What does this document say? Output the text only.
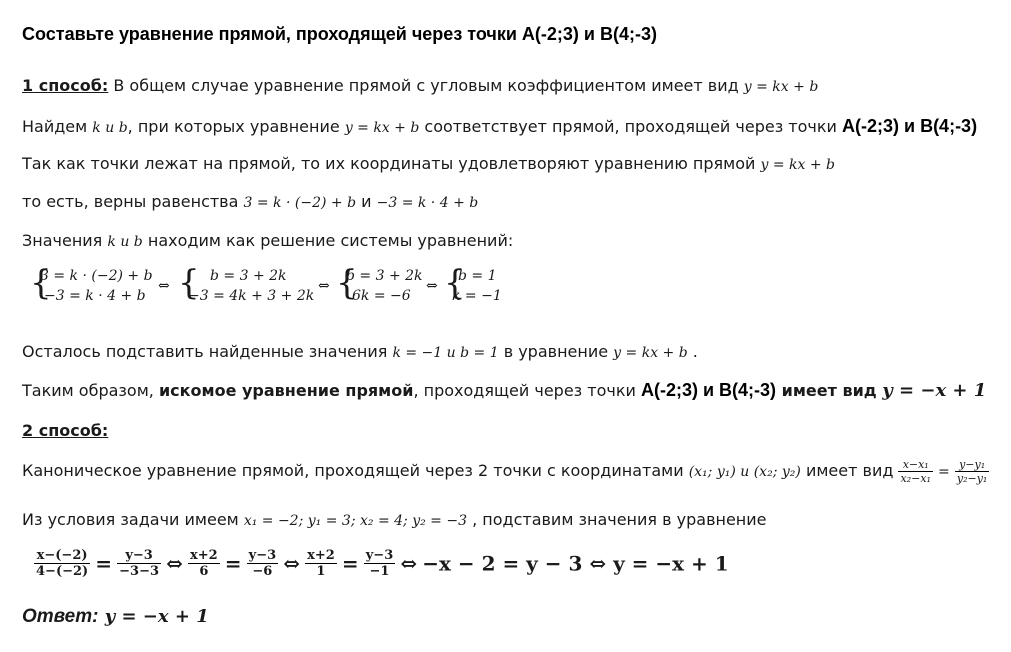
Составьте уравнение прямой, проходящей через точки А(-2;3) и В(4;-3)
1 способ: В общем случае уравнение прямой с угловым коэффициентом имеет вид y = kx + b
Найдем k и b, при которых уравнение y = kx + b соответствует прямой, проходящей через точки А(-2;3) и В(4;-3)
Так как точки лежат на прямой, то их координаты удовлетворяют уравнению прямой y = kx + b
то есть, верны равенства 3 = k · (−2) + b и −3 = k · 4 + b
Значения k и b находим как решение системы уравнений:
{
3 = k · (−2) + b
−3 = k · 4 + b
⇔ { b = 3 + 2k
−3 = 4k + 3 + 2k
⇔ {
b = 3 + 2k
6k = −6
⇔ {
b = 1
k = −1
Осталось подставить найденные значения k = −1 и b = 1 в уравнение y = kx + b .
Таким образом, искомое уравнение прямой, проходящей через точки А(-2;3) и В(4;-3) имеет вид y = −x + 1
2 способ:
Каноническое уравнение прямой, проходящей через 2 точки с координатами (x₁; y₁) и (x₂; y₂) имеет вид $\frac{\text{x−x₁}}{\text{x₂−x₁}} = \frac{\text{y−y₁}}{\text{y₂−y₁}}$
Из условия задачи имеем x₁ = −2; y₁ = 3; x₂ = 4; y₂ = −3 , подставим значения в уравнение
$\frac{x-(-2)}{4-(-2)} = \frac{y-3}{-3-3}$ ⇔ $\frac{x+2}{6} = \frac{y-3}{-6}$ ⇔ $\frac{x+2}{1} = \frac{y-3}{-1}$ ⇔ −x − 2 = y − 3 ⇔ y = −x + 1
Ответ: y = −x + 1
